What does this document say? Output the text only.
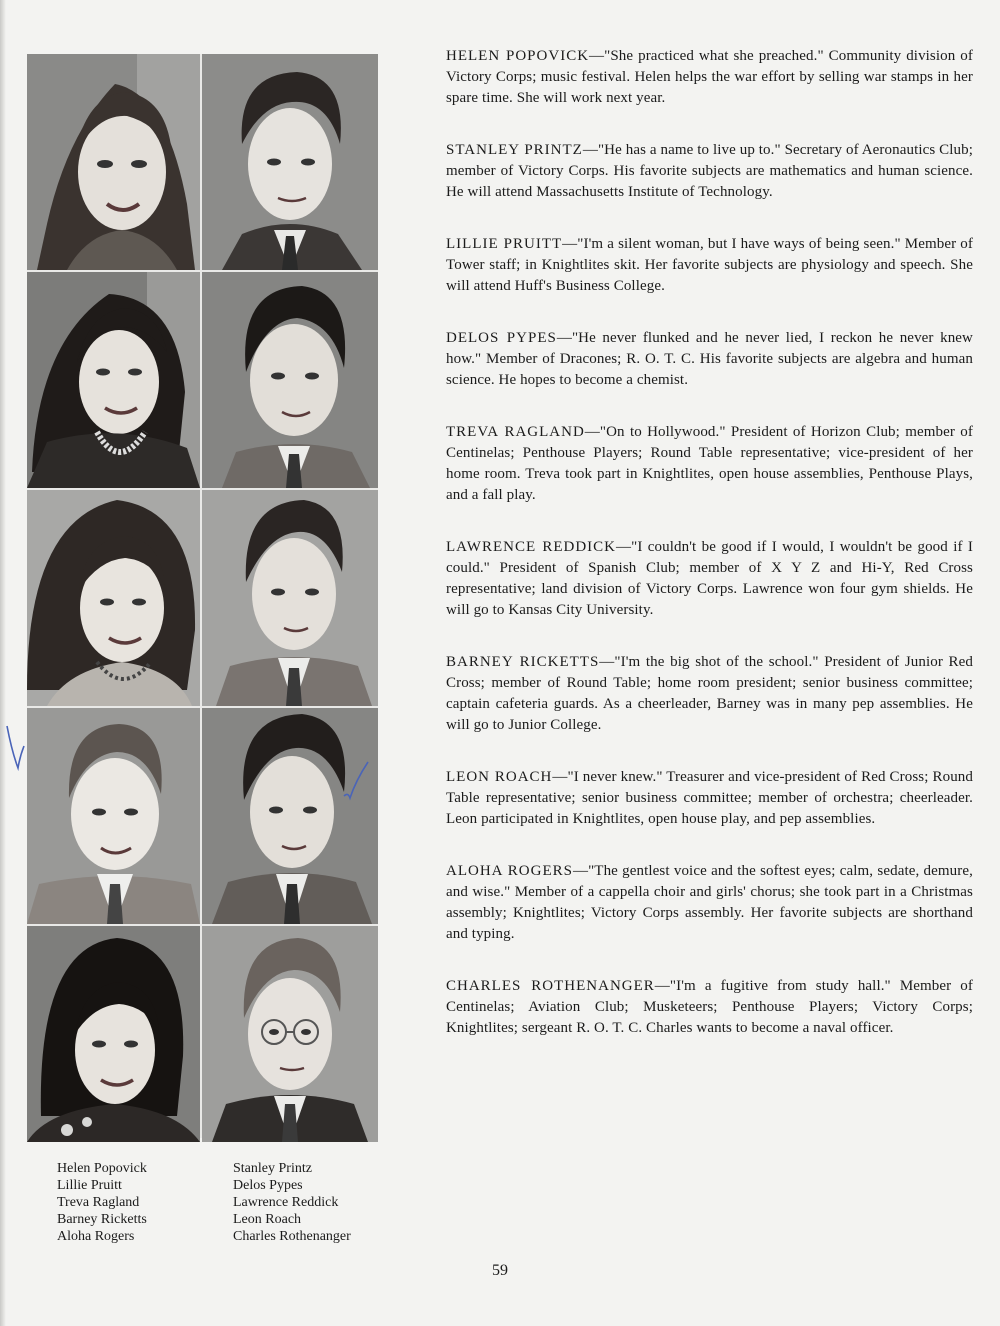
Helen Popovick
Lillie Pruitt
Treva Ragland
Barney Ricketts
Aloha Rogers
Stanley Printz
Delos Pypes
Lawrence Reddick
Leon Roach
Charles Rothenanger

HELEN POPOVICK—"She practiced what she preached." Community division of Victory Corps; music festival. Helen helps the war effort by selling war stamps in her spare time. She will work next year.

STANLEY PRINTZ—"He has a name to live up to." Secretary of Aeronautics Club; member of Victory Corps. His favorite subjects are mathematics and human science. He will attend Massachusetts Institute of Technology.

LILLIE PRUITT—"I'm a silent woman, but I have ways of being seen." Member of Tower staff; in Knightlites skit. Her favorite subjects are physiology and speech. She will attend Huff's Business College.

DELOS PYPES—"He never flunked and he never lied, I reckon he never knew how." Member of Dracones; R. O. T. C. His favorite subjects are algebra and human science. He hopes to become a chemist.

TREVA RAGLAND—"On to Hollywood." President of Horizon Club; member of Centinelas; Penthouse Players; Round Table representative; vice-president of her home room. Treva took part in Knightlites, open house assemblies, Penthouse Plays, and a fall play.

LAWRENCE REDDICK—"I couldn't be good if I would, I wouldn't be good if I could." President of Spanish Club; member of X Y Z and Hi-Y, Red Cross representative; land division of Victory Corps. Lawrence won four gym shields. He will go to Kansas City University.

BARNEY RICKETTS—"I'm the big shot of the school." President of Junior Red Cross; member of Round Table; home room president; senior business committee; captain cafeteria guards. As a cheerleader, Barney was in many pep assemblies. He will go to Junior College.

LEON ROACH—"I never knew." Treasurer and vice-president of Red Cross; Round Table representative; senior business committee; member of orchestra; cheerleader. Leon participated in Knightlites, open house play, and pep assemblies.

ALOHA ROGERS—"The gentlest voice and the softest eyes; calm, sedate, demure, and wise." Member of a cappella choir and girls' chorus; she took part in a Christmas assembly; Knightlites; Victory Corps assembly. Her favorite subjects are shorthand and typing.

CHARLES ROTHENANGER—"I'm a fugitive from study hall." Member of Centinelas; Aviation Club; Musketeers; Penthouse Players; Victory Corps; Knightlites; sergeant R. O. T. C. Charles wants to become a naval officer.

59
